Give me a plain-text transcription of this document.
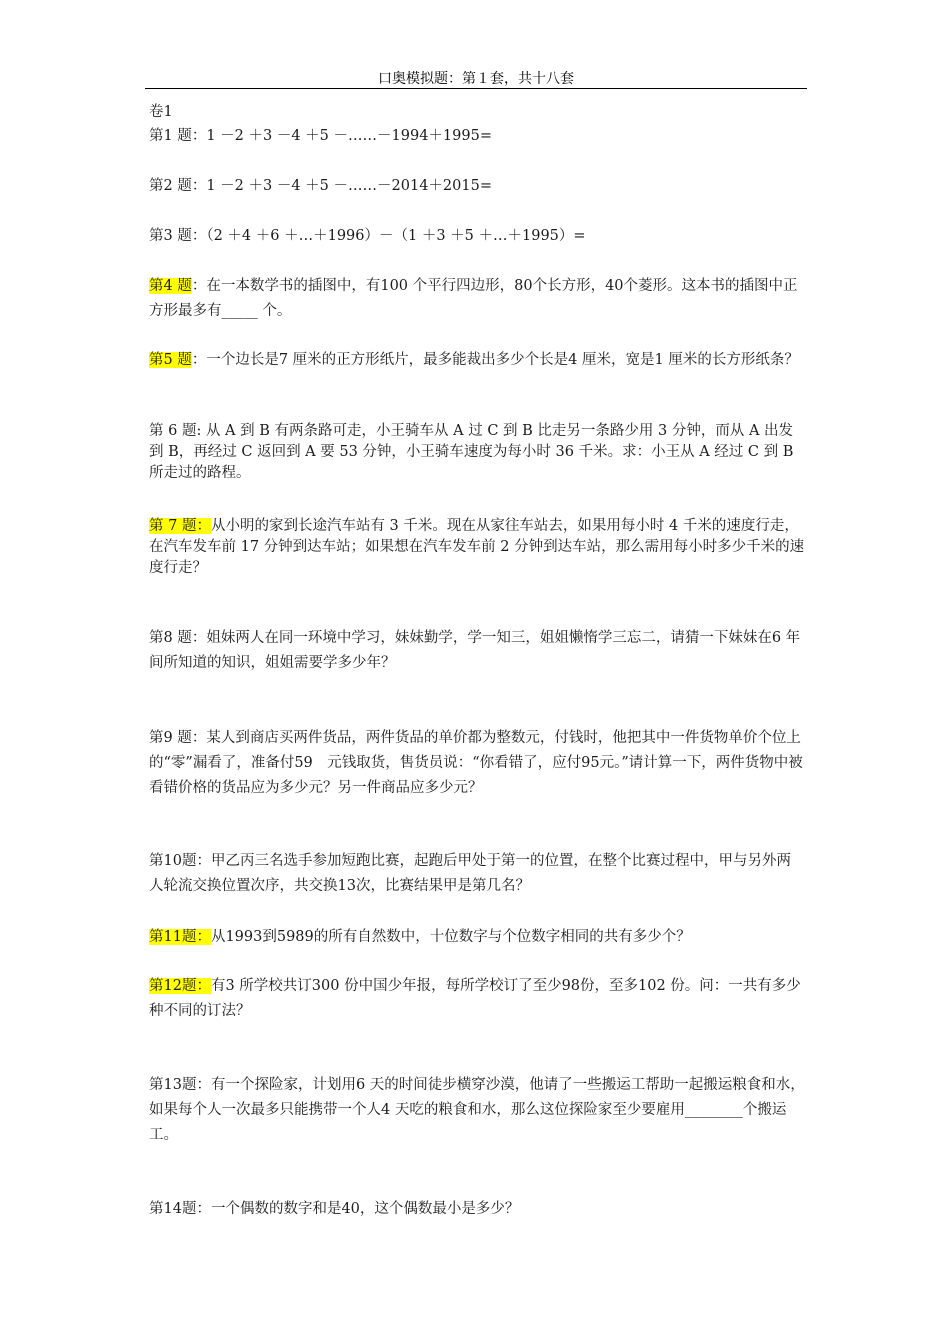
口奥模拟题：第１套，共十八套
卷1

第1 题：1 －2 ＋3 －4 ＋5 －……－1994＋1995=

第2 题：1 －2 ＋3 －4 ＋5 －……－2014＋2015=

第3 题：（2 ＋4 ＋6 ＋…＋1996）－（1 ＋3 ＋5 ＋…＋1995）=

第4 题：在一本数学书的插图中，有100 个平行四边形，80个长方形，40个菱形。这本书的插图中正方形最多有_____ 个。

第5 题：一个边长是7 厘米的正方形纸片，最多能裁出多少个长是4 厘米，宽是1 厘米的长方形纸条？

第 6 题: 从 A 到 B 有两条路可走，小王骑车从 A 过 C 到 B 比走另一条路少用 3 分钟，而从 A 出发到 B，再经过 C 返回到 A 要 53 分钟，小王骑车速度为每小时 36 千米。求：小王从 A 经过 C 到 B 所走过的路程。

第 7 题：从小明的家到长途汽车站有 3 千米。现在从家往车站去，如果用每小时 4 千米的速度行走，在汽车发车前 17 分钟到达车站；如果想在汽车发车前 2 分钟到达车站，那么需用每小时多少千米的速度行走？

第8 题：姐妹两人在同一环境中学习，妹妹勤学，学一知三，姐姐懒惰学三忘二，请猜一下妹妹在6 年间所知道的知识，姐姐需要学多少年？

第9 题：某人到商店买两件货品，两件货品的单价都为整数元，付钱时，他把其中一件货物单价个位上的“零”漏看了，准备付59　元钱取货，售货员说：“你看错了，应付95元。”请计算一下，两件货物中被看错价格的货品应为多少元？另一件商品应多少元？

第10题：甲乙丙三名选手参加短跑比赛，起跑后甲处于第一的位置，在整个比赛过程中，甲与另外两人轮流交换位置次序，共交换13次，比赛结果甲是第几名？

第11题：从1993到5989的所有自然数中，十位数字与个位数字相同的共有多少个？

第12题：有3 所学校共订300 份中国少年报，每所学校订了至少98份，至多102 份。问：一共有多少种不同的订法？

第13题：有一个探险家，计划用6 天的时间徒步横穿沙漠，他请了一些搬运工帮助一起搬运粮食和水，如果每个人一次最多只能携带一个人4 天吃的粮食和水，那么这位探险家至少要雇用________个搬运工。

第14题：一个偶数的数字和是40，这个偶数最小是多少？
